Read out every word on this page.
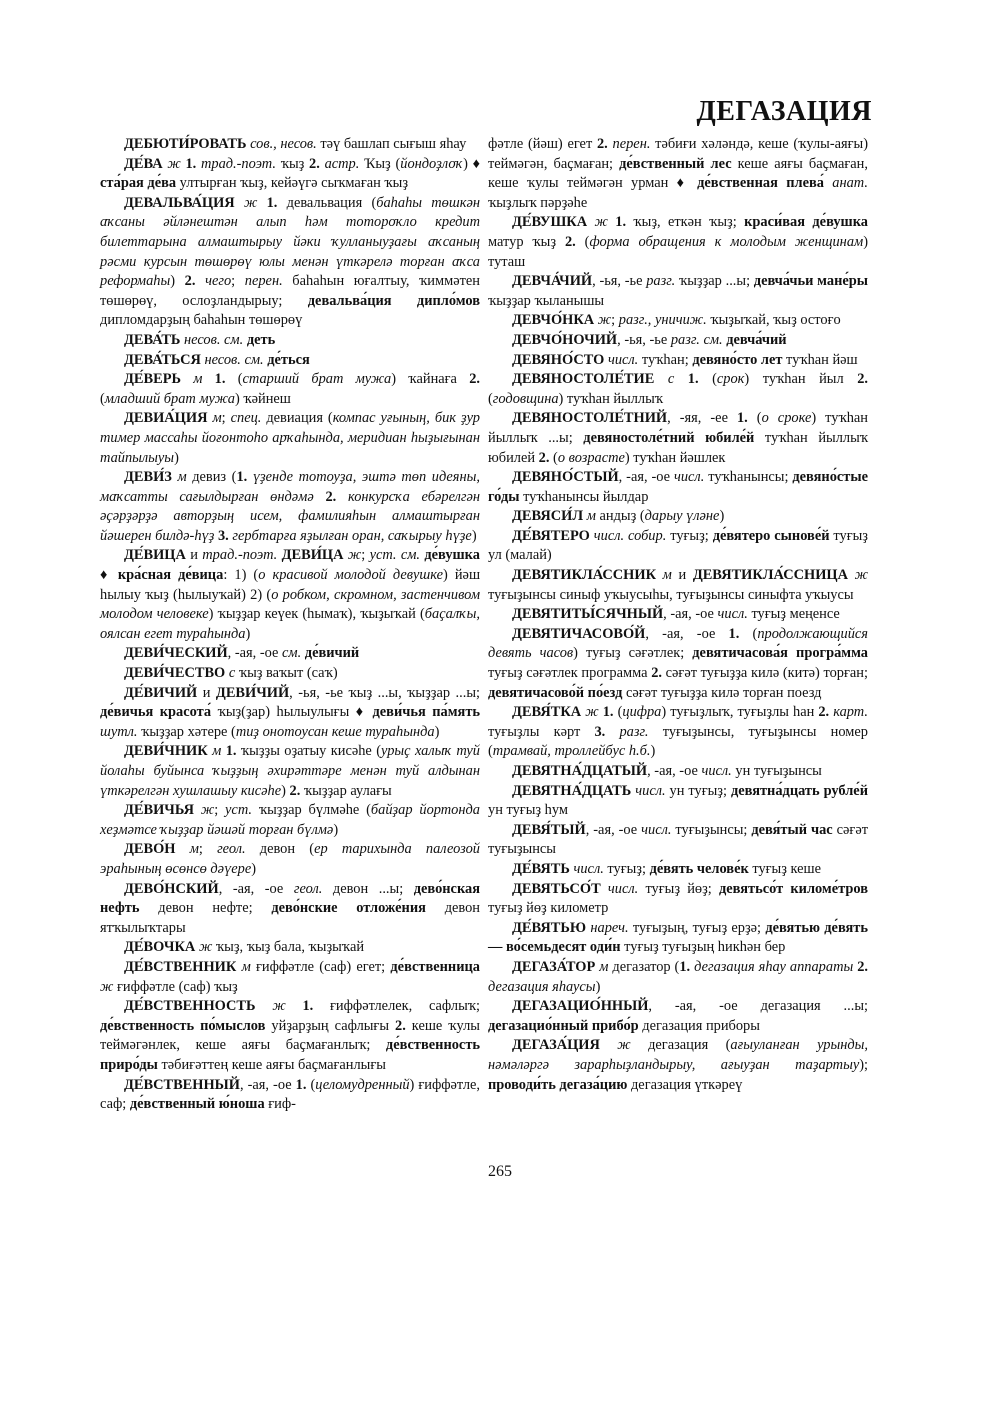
ДЕГАЗАЦИЯ

ДЕБЮТИ́РОВАТЬ сов., несов. тәү башлап сығыш яһау

ДЕ́ВА ж 1. трад.-поэт. ҡыҙ 2. астр. Ҡыҙ (йондоҙлоҡ) ♦ ста́рая де́ва ултырған ҡыҙ, кейәүгә сыҡмаған ҡыҙ

ДЕВАЛЬВА́ЦИЯ ж 1. девальвация (баһаһы төшкән аҡсаны әйләнештән алып һәм тотороҡло кредит билеттарына алмаштырыу йәки ҡулланыуҙағы аҡсаның рәсми курсын төшөрөү юлы менән үткәрелә торған аҡса реформаһы) 2. чего; перен. баһаһын юғалтыу, ҡиммәтен төшөрөү, ослоҙландырыу; девальва́ция дипло́мов дипломдарҙың баһаһын төшөрөү

ДЕВА́ТЬ несов. см. деть

ДЕВА́ТЬСЯ несов. см. де́ться

ДЕ́ВЕРЬ м 1. (старший брат мужа) ҡайнаға 2. (младший брат мужа) ҡәйнеш

ДЕВИА́ЦИЯ м; спец. девиация (компас уғының, бик ҙур тимер массаһы йоғонтоһо арҡаһында, меридиан һыҙығынан тайпылыуы)

ДЕВИ́З м девиз (1. үҙенде тотоуҙа, эштә төп идеяны, маҡсатты сағылдырған өндәмә 2. конкурсҡа ебәрелгән әҫәрҙәрҙә авторҙың исем, фамилияһын алмаштырған йәшерен билдә-һүҙ 3. гербтарға яҙылған оран, саҡырыу һүҙе)

ДЕ́ВИЦА и трад.-поэт. ДЕВИ́ЦА ж; уст. см. де́вушка ♦ кра́сная де́вица: 1) (о красивой молодой девушке) йәш һылыу ҡыҙ (һылыуҡай) 2) (о робком, скромном, застенчивом молодом человеке) ҡыҙҙар кеүек (һымаҡ), ҡыҙыҡай (баҫалҡы, оялсан егет тураһында)

ДЕВИ́ЧЕСКИЙ, -ая, -ое см. де́вичий

ДЕВИ́ЧЕСТВО с ҡыҙ ваҡыт (саҡ)

ДЕ́ВИЧИЙ и ДЕВИ́ЧИЙ, -ья, -ье ҡыҙ ...ы, ҡыҙҙар ...ы; де́вичья красота́ ҡыҙ(ҙар) һылыулығы ♦ деви́чья па́мять шутл. ҡыҙҙар хәтере (тиҙ онотоусан кеше тураһында)

ДЕВИ́ЧНИК м 1. ҡыҙҙы оҙатыу кисәһе (урыҫ халыҡ туй йолаһы буйынса ҡыҙҙың әхирәттәре менән туй алдынан үткәрелгән хушлашыу кисәһе) 2. ҡыҙҙар аулағы

ДЕ́ВИЧЬЯ ж; уст. ҡыҙҙар бүлмәһе (байҙар йортонда хеҙмәтсе ҡыҙҙар йәшәй торған бүлмә)

ДЕВО́Н м; геол. девон (ер тарихында палеозой эраһының өсөнсө дәүере)

ДЕВО́НСКИЙ, -ая, -ое геол. девон ...ы; дево́нская нефть девон нефте; дево́нские отложе́ния девон ятҡылыҡтары

ДЕ́ВОЧКА ж ҡыҙ, ҡыҙ бала, ҡыҙыҡай

ДЕ́ВСТВЕННИК м ғиффәтле (саф) егет; де́вственница ж ғиффәтле (саф) ҡыҙ

ДЕ́ВСТВЕННОСТЬ ж 1. ғиффәтлелек, сафлыҡ; де́вственность по́мыслов уйҙарҙың сафлығы 2. кеше ҡулы теймәгәнлек, кеше аяғы баҫмағанлыҡ; де́вственность приро́ды тәбиғәттең кеше аяғы баҫмағанлығы

ДЕ́ВСТВЕННЫЙ, -ая, -ое 1. (целомудренный) ғиффәтле, саф; де́вственный ю́ноша ғиф-

фәтле (йәш) егет 2. перен. тәбиғи хәләндә, кеше (ҡулы-аяғы) теймәгән, баҫмаған; де́вственный лес кеше аяғы баҫмаған, кеше ҡулы теймәгән урман ♦ де́вственная плева́ анат. ҡыҙлыҡ пәрҙәһе

ДЕ́ВУШКА ж 1. ҡыҙ, еткән ҡыҙ; краси́вая де́вушка матур ҡыҙ 2. (форма обращения к молодым женщинам) туташ

ДЕВЧА́ЧИЙ, -ья, -ье разг. ҡыҙҙар ...ы; девча́чьи мане́ры ҡыҙҙар ҡыланышы

ДЕВЧО́НКА ж; разг., уничиж. ҡыҙыҡай, ҡыҙ остоғо

ДЕВЧО́НОЧИЙ, -ья, -ье разг. см. девча́чий

ДЕВЯНО́СТО числ. туҡһан; девяно́сто лет туҡһан йәш

ДЕВЯНОСТОЛЕ́ТИЕ с 1. (срок) туҡһан йыл 2. (годовщина) туҡһан йыллыҡ

ДЕВЯНОСТОЛЕ́ТНИЙ, -яя, -ее 1. (о сроке) туҡһан йыллыҡ ...ы; девяностоле́тний юбиле́й туҡһан йыллыҡ юбилей 2. (о возрасте) туҡһан йәшлек

ДЕВЯНО́СТЫЙ, -ая, -ое числ. туҡһанынсы; девяно́стые го́ды туҡһанынсы йылдар

ДЕВЯСИ́Л м андыҙ (дарыу үләне)

ДЕ́ВЯТЕРО числ. собир. туғыҙ; де́вятеро сынове́й туғыҙ ул (малай)

ДЕВЯТИКЛА́ССНИК м и ДЕВЯТИКЛА́ССНИЦА ж туғыҙынсы синыф уҡыусыһы, туғыҙынсы синыфта уҡыусы

ДЕВЯТИТЫ́СЯЧНЫЙ, -ая, -ое числ. туғыҙ меңенсе

ДЕВЯТИЧАСОВО́Й, -ая, -ое 1. (продолжающийся девять часов) туғыҙ сәғәтлек; девятичасова́я програ́мма туғыҙ сәғәтлек программа 2. сәғәт туғыҙҙа килә (китә) торған; девятичасово́й по́езд сәғәт туғыҙҙа килә торған поезд

ДЕВЯ́ТКА ж 1. (цифра) туғыҙлыҡ, туғыҙлы һан 2. карт. туғыҙлы кәрт 3. разг. туғыҙынсы, туғыҙынсы номер (трамвай, троллейбус һ.б.)

ДЕВЯТНА́ДЦАТЫЙ, -ая, -ое числ. ун туғыҙынсы

ДЕВЯТНА́ДЦАТЬ числ. ун туғыҙ; девятна́дцать рубле́й ун туғыҙ һум

ДЕВЯ́ТЫЙ, -ая, -ое числ. туғыҙынсы; девя́тый час сәғәт туғыҙынсы

ДЕ́ВЯТЬ числ. туғыҙ; де́вять челове́к туғыҙ кеше

ДЕВЯТЬСО́Т числ. туғыҙ йөҙ; девятьсо́т киломе́тров туғыҙ йөҙ километр

ДЕ́ВЯТЬЮ нареч. туғыҙың, туғыҙ ерҙә; де́вятью де́вять — во́семьдесят оди́н туғыҙ туғыҙың һикһән бер

ДЕГАЗА́ТОР м дегазатор (1. дегазация яһау аппараты 2. дегазация яһаусы)

ДЕГАЗАЦИО́ННЫЙ, -ая, -ое дегазация ...ы; дегазацио́нный прибо́р дегазация приборы

ДЕГАЗА́ЦИЯ ж дегазация (ағыуланған урынды, нәмәләргә зарарһыҙландырыу, ағыуҙан таҙартыу); проводи́ть дегаза́цию дегазация үткәреү

265
